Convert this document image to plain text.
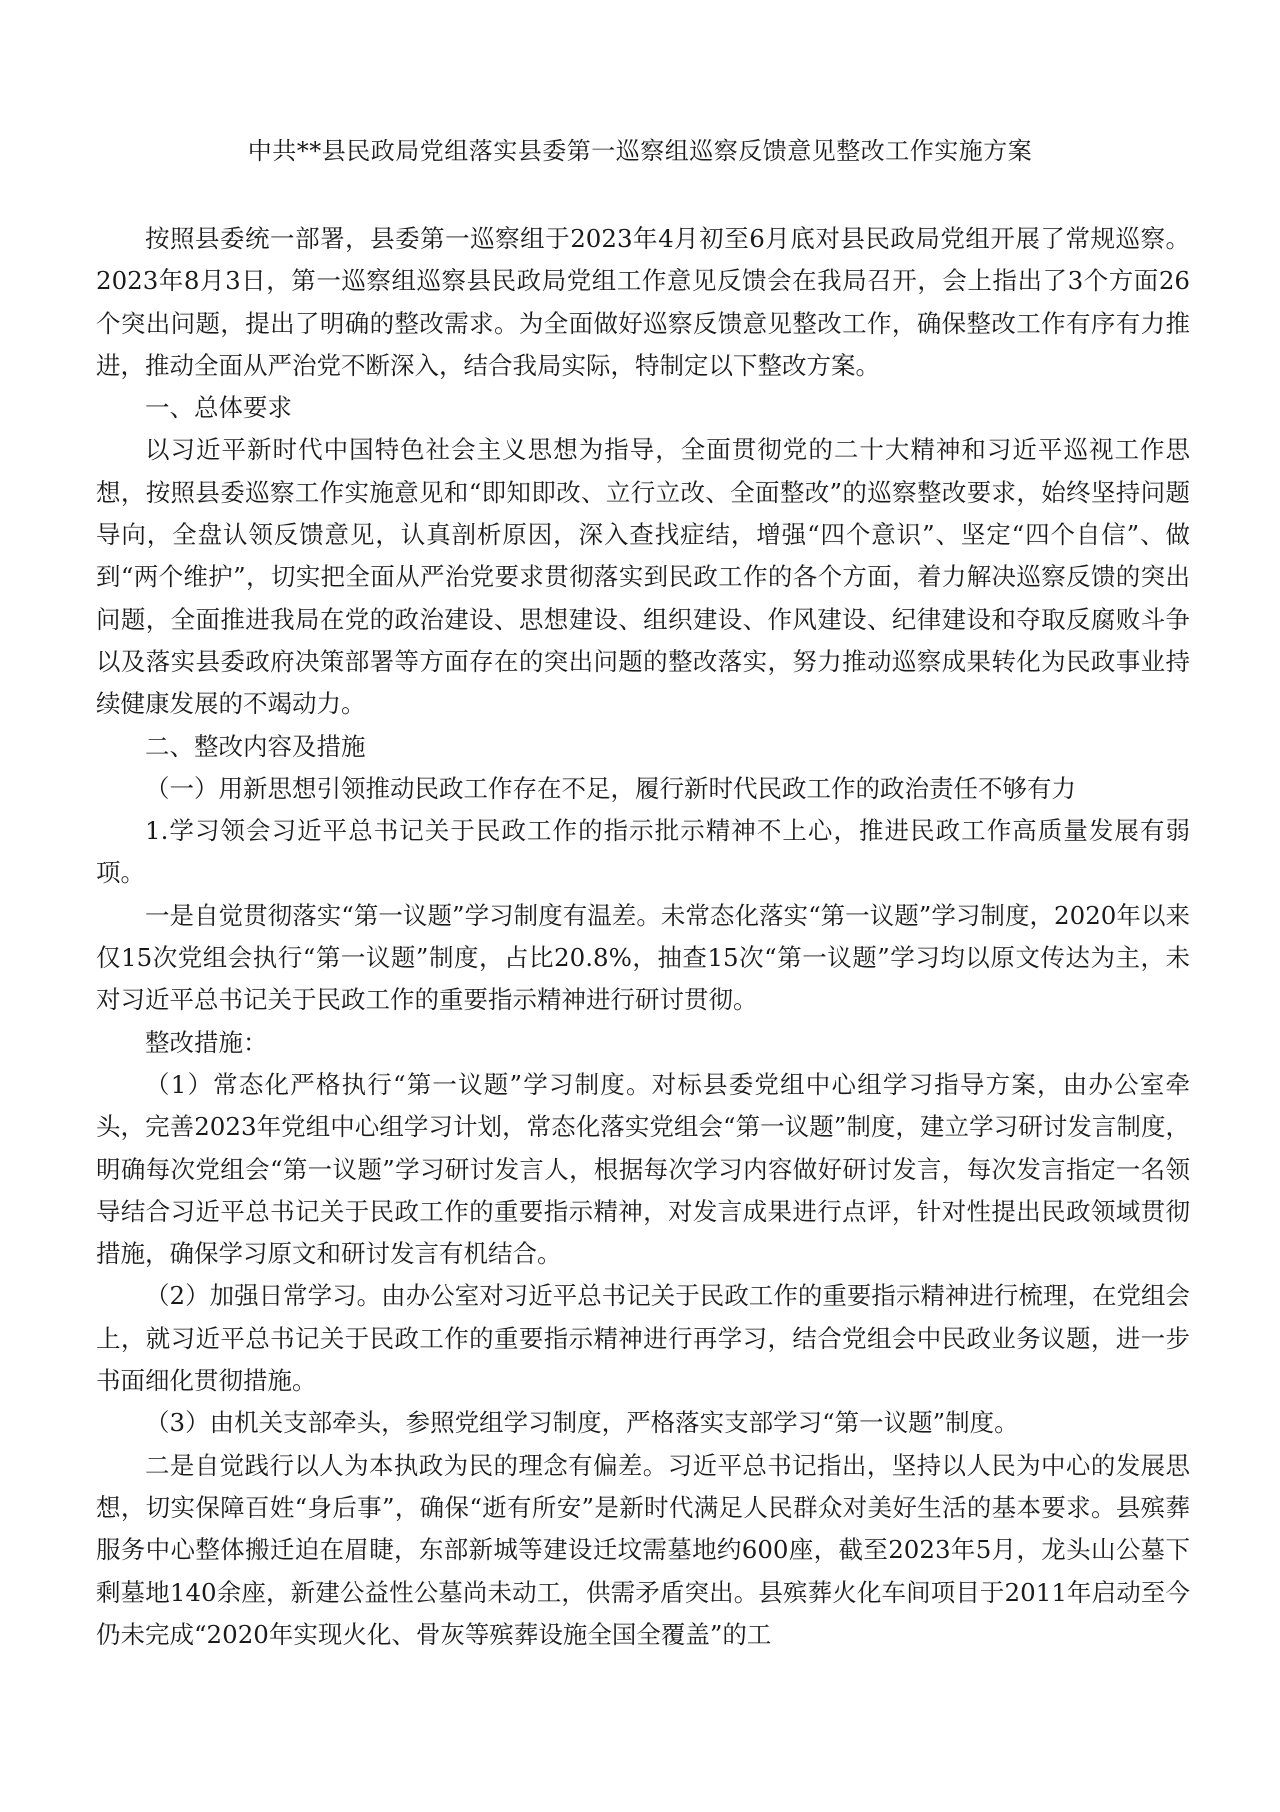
中共**县民政局党组落实县委第一巡察组巡察反馈意见整改工作实施方案

按照县委统一部署，县委第一巡察组于2023年4月初至6月底对县民政局党组开展了常规巡察。2023年8月3日，第一巡察组巡察县民政局党组工作意见反馈会在我局召开，会上指出了3个方面26个突出问题，提出了明确的整改需求。为全面做好巡察反馈意见整改工作，确保整改工作有序有力推进，推动全面从严治党不断深入，结合我局实际，特制定以下整改方案。

一、总体要求

以习近平新时代中国特色社会主义思想为指导，全面贯彻党的二十大精神和习近平巡视工作思想，按照县委巡察工作实施意见和“即知即改、立行立改、全面整改”的巡察整改要求，始终坚持问题导向，全盘认领反馈意见，认真剖析原因，深入查找症结，增强“四个意识”、坚定“四个自信”、做到“两个维护”，切实把全面从严治党要求贯彻落实到民政工作的各个方面，着力解决巡察反馈的突出问题，全面推进我局在党的政治建设、思想建设、组织建设、作风建设、纪律建设和夺取反腐败斗争以及落实县委政府决策部署等方面存在的突出问题的整改落实，努力推动巡察成果转化为民政事业持续健康发展的不竭动力。

二、整改内容及措施

（一）用新思想引领推动民政工作存在不足，履行新时代民政工作的政治责任不够有力

1.学习领会习近平总书记关于民政工作的指示批示精神不上心，推进民政工作高质量发展有弱项。

一是自觉贯彻落实“第一议题”学习制度有温差。未常态化落实“第一议题”学习制度，2020年以来仅15次党组会执行“第一议题”制度，占比20.8%，抽查15次“第一议题”学习均以原文传达为主，未对习近平总书记关于民政工作的重要指示精神进行研讨贯彻。

整改措施：

（1）常态化严格执行“第一议题”学习制度。对标县委党组中心组学习指导方案，由办公室牵头，完善2023年党组中心组学习计划，常态化落实党组会“第一议题”制度，建立学习研讨发言制度，明确每次党组会“第一议题”学习研讨发言人，根据每次学习内容做好研讨发言，每次发言指定一名领导结合习近平总书记关于民政工作的重要指示精神，对发言成果进行点评，针对性提出民政领域贯彻措施，确保学习原文和研讨发言有机结合。

（2）加强日常学习。由办公室对习近平总书记关于民政工作的重要指示精神进行梳理，在党组会上，就习近平总书记关于民政工作的重要指示精神进行再学习，结合党组会中民政业务议题，进一步书面细化贯彻措施。

（3）由机关支部牵头，参照党组学习制度，严格落实支部学习“第一议题”制度。

二是自觉践行以人为本执政为民的理念有偏差。习近平总书记指出，坚持以人民为中心的发展思想，切实保障百姓“身后事”，确保“逝有所安”是新时代满足人民群众对美好生活的基本要求。县殡葬服务中心整体搬迁迫在眉睫，东部新城等建设迁坟需墓地约600座，截至2023年5月，龙头山公墓下剩墓地140余座，新建公益性公墓尚未动工，供需矛盾突出。县殡葬火化车间项目于2011年启动至今仍未完成“2020年实现火化、骨灰等殡葬设施全国全覆盖”的工
